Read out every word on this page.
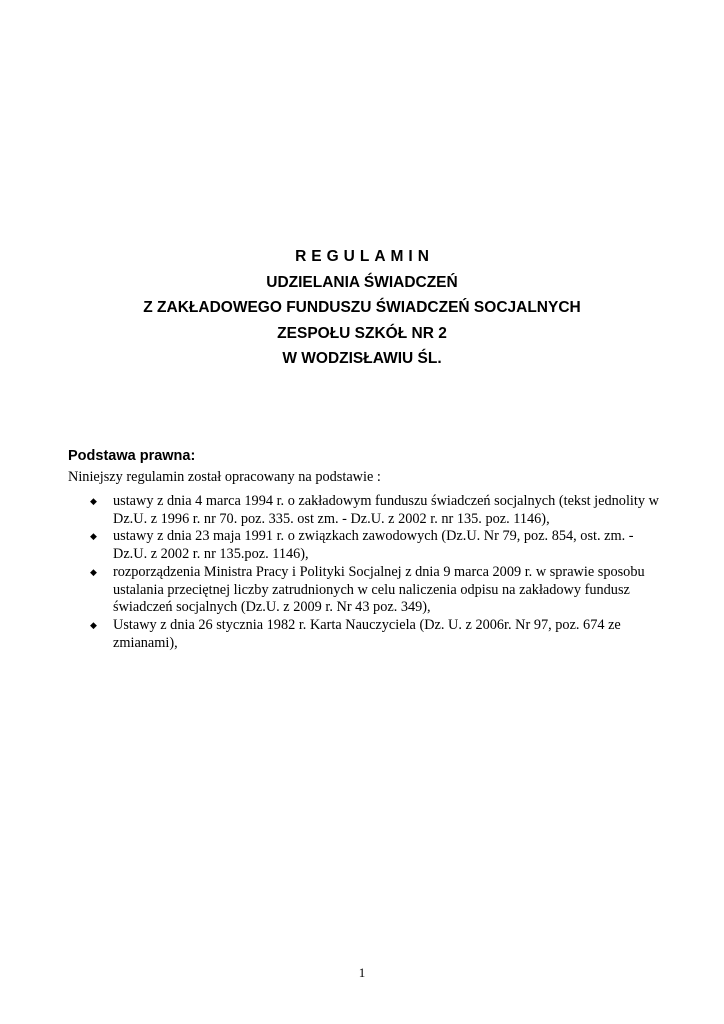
REGULAMIN
UDZIELANIA ŚWIADCZEŃ
Z ZAKŁADOWEGO FUNDUSZU ŚWIADCZEŃ SOCJALNYCH
ZESPOŁU SZKÓŁ NR 2
W WODZISŁAWIU ŚL.
Podstawa prawna:
Niniejszy regulamin został opracowany na podstawie :
◆ ustawy z dnia 4 marca 1994 r. o zakładowym funduszu świadczeń socjalnych (tekst jednolity w
Dz.U. z 1996 r. nr 70. poz. 335. ost zm. - Dz.U. z 2002 r. nr 135. poz. 1146),
◆ ustawy z dnia 23 maja 1991 r. o związkach zawodowych (Dz.U. Nr 79, poz. 854, ost. zm. -
Dz.U. z 2002 r. nr 135.poz. 1146),
◆ rozporządzenia Ministra Pracy i Polityki Socjalnej z dnia 9 marca 2009 r. w sprawie sposobu
ustalania przeciętnej liczby zatrudnionych w celu naliczenia odpisu na zakładowy fundusz
świadczeń socjalnych (Dz.U. z 2009 r. Nr 43 poz. 349),
◆ Ustawy z dnia 26 stycznia 1982 r. Karta Nauczyciela (Dz. U. z 2006r. Nr 97, poz. 674 ze
zmianami),
1
